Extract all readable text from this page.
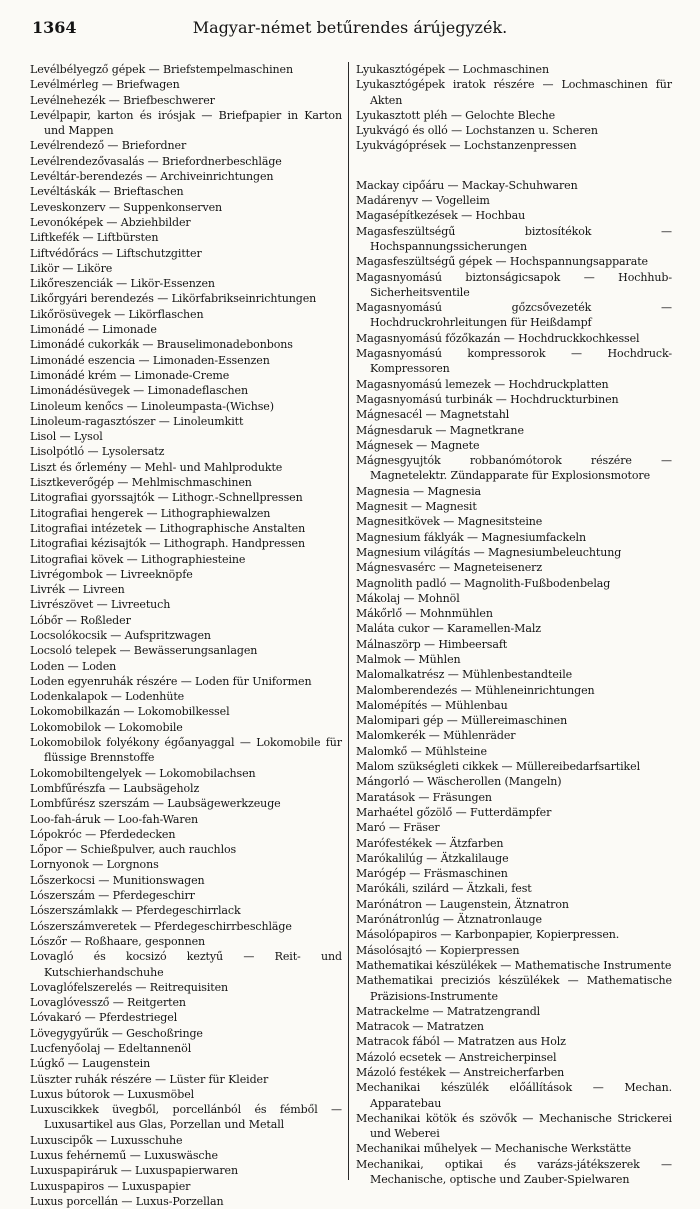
1364	Magyar-német betűrendes árújegyzék.
Levélbélyegző gépek — Briefstempelmaschinen
Levélmérleg — Briefwagen
Levélnehezék — Briefbeschwerer
Levélpapir, karton és irósjak — Briefpapier in Karton und Mappen
Levélrendező — Briefordner
Levélrendezővasalás — Briefordnerbeschläge
Levéltár-berendezés — Archiveinrichtungen
Levéltáskák — Brieftaschen
Leveskonzerv — Suppenkonserven
Levonóképek — Abziehbilder
Liftkefék — Liftbürsten
Liftvédőrács — Liftschutzgitter
Likör — Liköre
Likőreszenciák — Likör-Essenzen
Likőrgyári berendezés — Likörfabrikseinrichtungen
Likőrösüvegek — Likörflaschen
Limonádé — Limonade
Limonádé cukorkák — Brauselimonadebonbons
Limonádé eszencia — Limonaden-Essenzen
Limonádé krém — Limonade-Creme
Limonádésüvegek — Limonadeflaschen
Linoleum kenőcs — Linoleumpasta-(Wichse)
Linoleum-ragasztószer — Linoleumkitt
Lisol — Lysol
Lisolpótló — Lysolersatz
Liszt és őrlemény — Mehl- und Mahlprodukte
Lisztkeverőgép — Mehlmischmaschinen
Litografiai gyorssajtók — Lithogr.-Schnellpressen
Litografiai hengerek — Lithographiewalzen
Litografiai intézetek — Lithographische Anstalten
Litografiai kézisajtók — Lithograph. Handpressen
Litografiai kövek — Lithographiesteine
Livrégombok — Livreeknöpfe
Livrék — Livreen
Livrészövet — Livreetuch
Lóbőr — Roßleder
Locsolókocsik — Aufspritzwagen
Locsoló telepek — Bewässerungsanlagen
Loden — Loden
Loden egyenruhák részére — Loden für Uniformen
Lodenkalapok — Lodenhüte
Lokomobilkazán — Lokomobilkessel
Lokomobilok — Lokomobile
Lokomobilok folyékony égőanyaggal — Lokomobile für flüssige Brennstoffe
Lokomobiltengelyek — Lokomobilachsen
Lombfűrészfa — Laubsägeholz
Lombfűrész szerszám — Laubsägewerkzeuge
Loo-fah-áruk — Loo-fah-Waren
Lópokróc — Pferdedecken
Lőpor — Schießpulver, auch rauchlos
Lornyonok — Lorgnons
Lőszerkocsi — Munitionswagen
Lószerszám — Pferdegeschirr
Lószerszámlakk — Pferdegeschirrlack
Lószerszámveretek — Pferdegeschirrbeschläge
Lószőr — Roßhaare, gesponnen
Lovagló és kocsizó keztyű — Reit- und Kutschierhandschuhe
Lovaglófelszerelés — Reitrequisiten
Lovaglóvessző — Reitgerten
Lóvakaró — Pferdestriegel
Lövegygyűrűk — Geschoßringe
Lucfenyőolaj — Edeltannenöl
Lúgkő — Laugenstein
Lüszter ruhák részére — Lüster für Kleider
Luxus bútorok — Luxusmöbel
Luxuscikkek üvegből, porcellánból és fémből — Luxusartikel aus Glas, Porzellan und Metall
Luxuscipők — Luxusschuhe
Luxus fehérnemű — Luxuswäsche
Luxuspapiráruk — Luxuspapierwaren
Luxuspapiros — Luxuspapier
Luxus porcellán — Luxus-Porzellan
Lyukasztógépek — Lochmaschinen
Lyukasztógépek iratok részére — Lochmaschinen für Akten
Lyukasztott pléh — Gelochte Bleche
Lyukvágó és olló — Lochstanzen u. Scheren
Lyukvágóprések — Lochstanzenpressen
Mackay cipőáru — Mackay-Schuhwaren
Madárenyv — Vogelleim
Magasépítkezések — Hochbau
Magasfeszültségű biztosítékok — Hochspannungssicherungen
Magasfeszültségű gépek — Hochspannungsapparate
Magasnyomású biztonságicsapok — Hochhub-Sicherheitsventile
Magasnyomású gőzcsővezeték — Hochdruckrohrleitungen für Heißdampf
Magasnyomású főzőkazán — Hochdruckkochkessel
Magasnyomású kompressorok — Hochdruck-Kompressoren
Magasnyomású lemezek — Hochdruckplatten
Magasnyomású turbinák — Hochdruckturbinen
Mágnesacél — Magnetstahl
Mágnesdaruk — Magnetkrane
Mágnesek — Magnete
Mágnesgyujtók robbanómótorok részére — Magnetelektr. Zündapparate für Explosionsmotore
Magnesia — Magnesia
Magnesit — Magnesit
Magnesitkövek — Magnesitsteine
Magnesium fáklyák — Magnesiumfackeln
Magnesium világítás — Magnesiumbeleuchtung
Mágnesvasérc — Magneteisenerz
Magnolith padló — Magnolith-Fußbodenbelag
Mákolaj — Mohnöl
Mákőrlő — Mohnmühlen
Maláta cukor — Karamellen-Malz
Málnaszörp — Himbeersaft
Malmok — Mühlen
Malomalkatrész — Mühlenbestandteile
Malomberendezés — Mühleneinrichtungen
Malomépítés — Mühlenbau
Malomipari gép — Müllereimaschinen
Malomkerék — Mühlenräder
Malomkő — Mühlsteine
Malom szükségleti cikkek — Müllereibedarfsartikel
Mángorló — Wäscherollen (Mangeln)
Maratások — Fräsungen
Marhaétel gőzölő — Futterdämpfer
Maró — Fräser
Marófestékek — Ätzfarben
Marókalilúg — Ätzkalilauge
Marógép — Fräsmaschinen
Marókáli, szilárd — Ätzkali, fest
Marónátron — Laugenstein, Ätznatron
Marónátronlúg — Ätznatronlauge
Másolópapiros — Karbonpapier, Kopierpressen.
Másolósajtó — Kopierpressen
Mathematikai készülékek — Mathematische Instrumente
Mathematikai preciziós készülékek — Mathematische Präzisions-Instrumente
Matrackelme — Matratzengrandl
Matracok — Matratzen
Matracok fából — Matratzen aus Holz
Mázoló ecsetek — Anstreicherpinsel
Mázoló festékek — Anstreicherfarben
Mechanikai készülék előállítások — Mechan. Apparatebau
Mechanikai kötök és szövők — Mechanische Strickerei und Weberei
Mechanikai műhelyek — Mechanische Werkstätte
Mechanikai, optikai és varázs-játékszerek — Mechanische, optische und Zauber-Spielwaren
